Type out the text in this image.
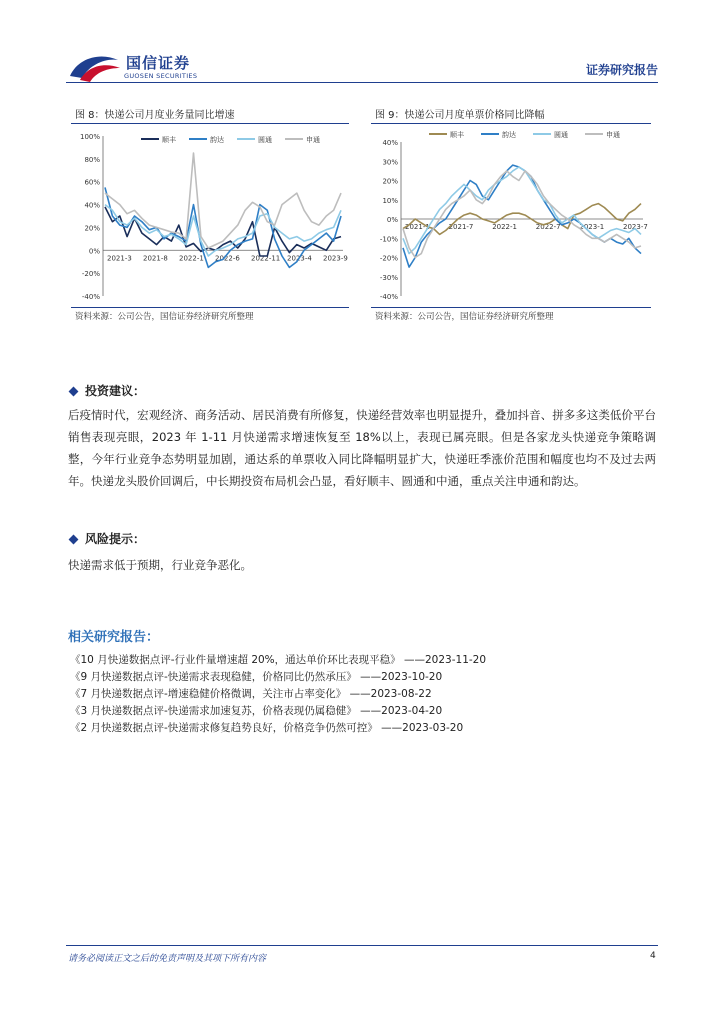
国信证券
GUOSEN SECURITIES	证券研究报告
图 8：快递公司月度业务量同比增速
100%
80%
60%
40%
20%
0%
-20%
-40%
2021-3 2021-8 2022-1 2022-6 2022-11 2023-4 2023-9
顺丰	韵达	圆通	申通
资料来源：公司公告，国信证券经济研究所整理
图 9：快递公司月度单票价格同比降幅
40%
30%
20%
10%
0%
-10%
-20%
-30%
-40%
2021-1	2021-7	2022-1	2022-7	2023-1	2023-7
顺丰	韵达	圆通	申通
资料来源：公司公告，国信证券经济研究所整理
投资建议：
后疫情时代，宏观经济、商务活动、居民消费有所修复，快递经营效率也明显提升，叠加抖音、拼多多这类低价平台销售表现亮眼，2023 年 1-11 月快递需求增速恢复至 18%以上，表现已属亮眼。但是各家龙头快递竞争策略调整，今年行业竞争态势明显加剧，通达系的单票收入同比降幅明显扩大，快递旺季涨价范围和幅度也均不及过去两年。快递龙头股价回调后，中长期投资布局机会凸显，看好顺丰、圆通和中通，重点关注申通和韵达。
风险提示：
快递需求低于预期，行业竞争恶化。
相关研究报告：
《10 月快递数据点评-行业件量增速超 20%，通达单价环比表现平稳》 ——2023-11-20
《9 月快递数据点评-快递需求表现稳健，价格同比仍然承压》 ——2023-10-20
《7 月快递数据点评-增速稳健价格微调，关注市占率变化》 ——2023-08-22
《3 月快递数据点评-快递需求加速复苏，价格表现仍属稳健》 ——2023-04-20
《2 月快递数据点评-快递需求修复趋势良好，价格竞争仍然可控》 ——2023-03-20
请务必阅读正文之后的免责声明及其项下所有内容	4
